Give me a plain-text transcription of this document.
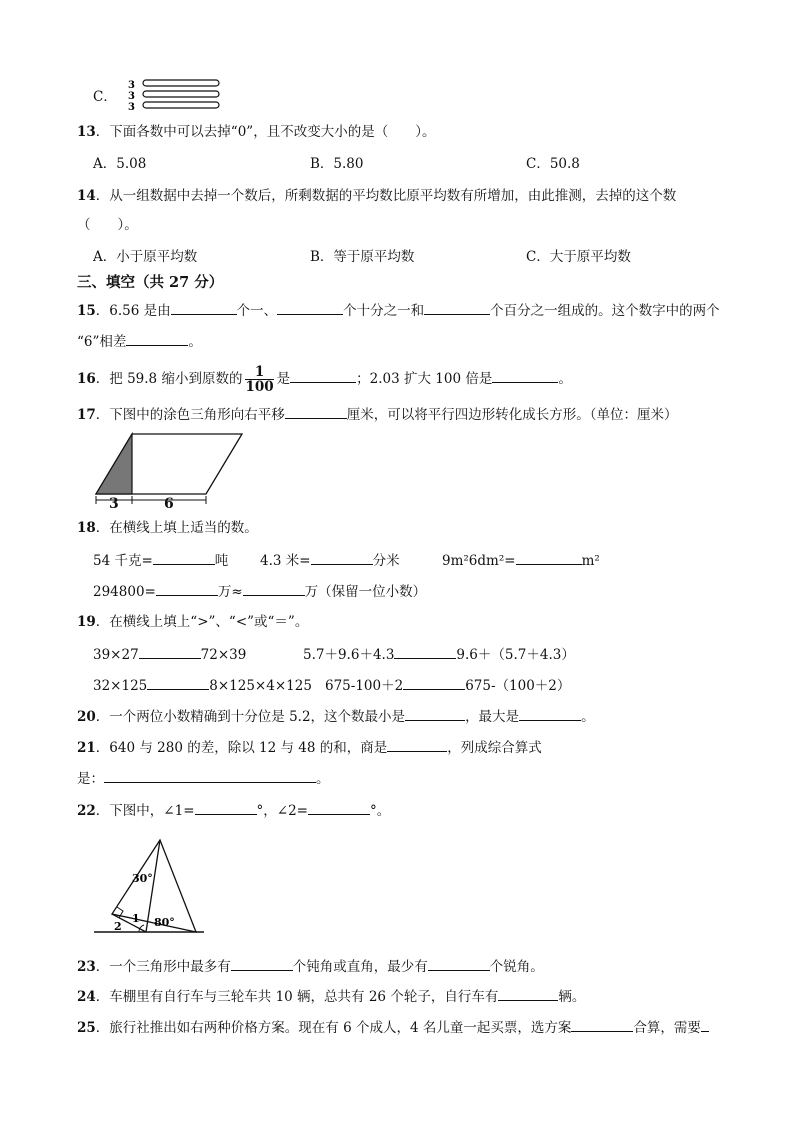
C．
3
3
3
13．下面各数中可以去掉“0”，且不改变大小的是（　　）。
A．5.08	B．5.80	C．50.8
14．从一组数据中去掉一个数后，所剩数据的平均数比原平均数有所增加，由此推测，去掉的这个数
（　　）。
A．小于原平均数	B．等于原平均数	C．大于原平均数
三、填空（共 27 分）
15．6.56 是由	个一、	个十分之一和	个百分之一组成的。这个数字中的两个
“6”相差	。
16．把 59.8 缩小到原数的 $\frac{1}{100}$ 是	；2.03 扩大 100 倍是	。
17．下图中的涂色三角形向右平移	厘米，可以将平行四边形转化成长方形。（单位：厘米）
3	6
18．在横线上填上适当的数。
54 千克=	吨 4.3 米=	分米	9m²6dm²=	m²
294800=	万≈	万（保留一位小数）
19．在横线上填上“>”、“<”或“＝”。
39×27	72×39	5.7＋9.6＋4.3	9.6＋（5.7＋4.3）
32×125	8×125×4×125 675-100＋2	675-（100＋2）
20．一个两位小数精确到十分位是 5.2，这个数最小是	，最大是	。
21．640 与 280 的差，除以 12 与 48 的和，商是	，列成综合算式
是：	。
22．下图中，∠1=	°，∠2=	°。
30°
1
2	80°
23．一个三角形中最多有	个钝角或直角，最少有	个锐角。
24．车棚里有自行车与三轮车共 10 辆，总共有 26 个轮子，自行车有	辆。
25．旅行社推出如右两种价格方案。现在有 6 个成人，4 名儿童一起买票，选方案	合算，需要
